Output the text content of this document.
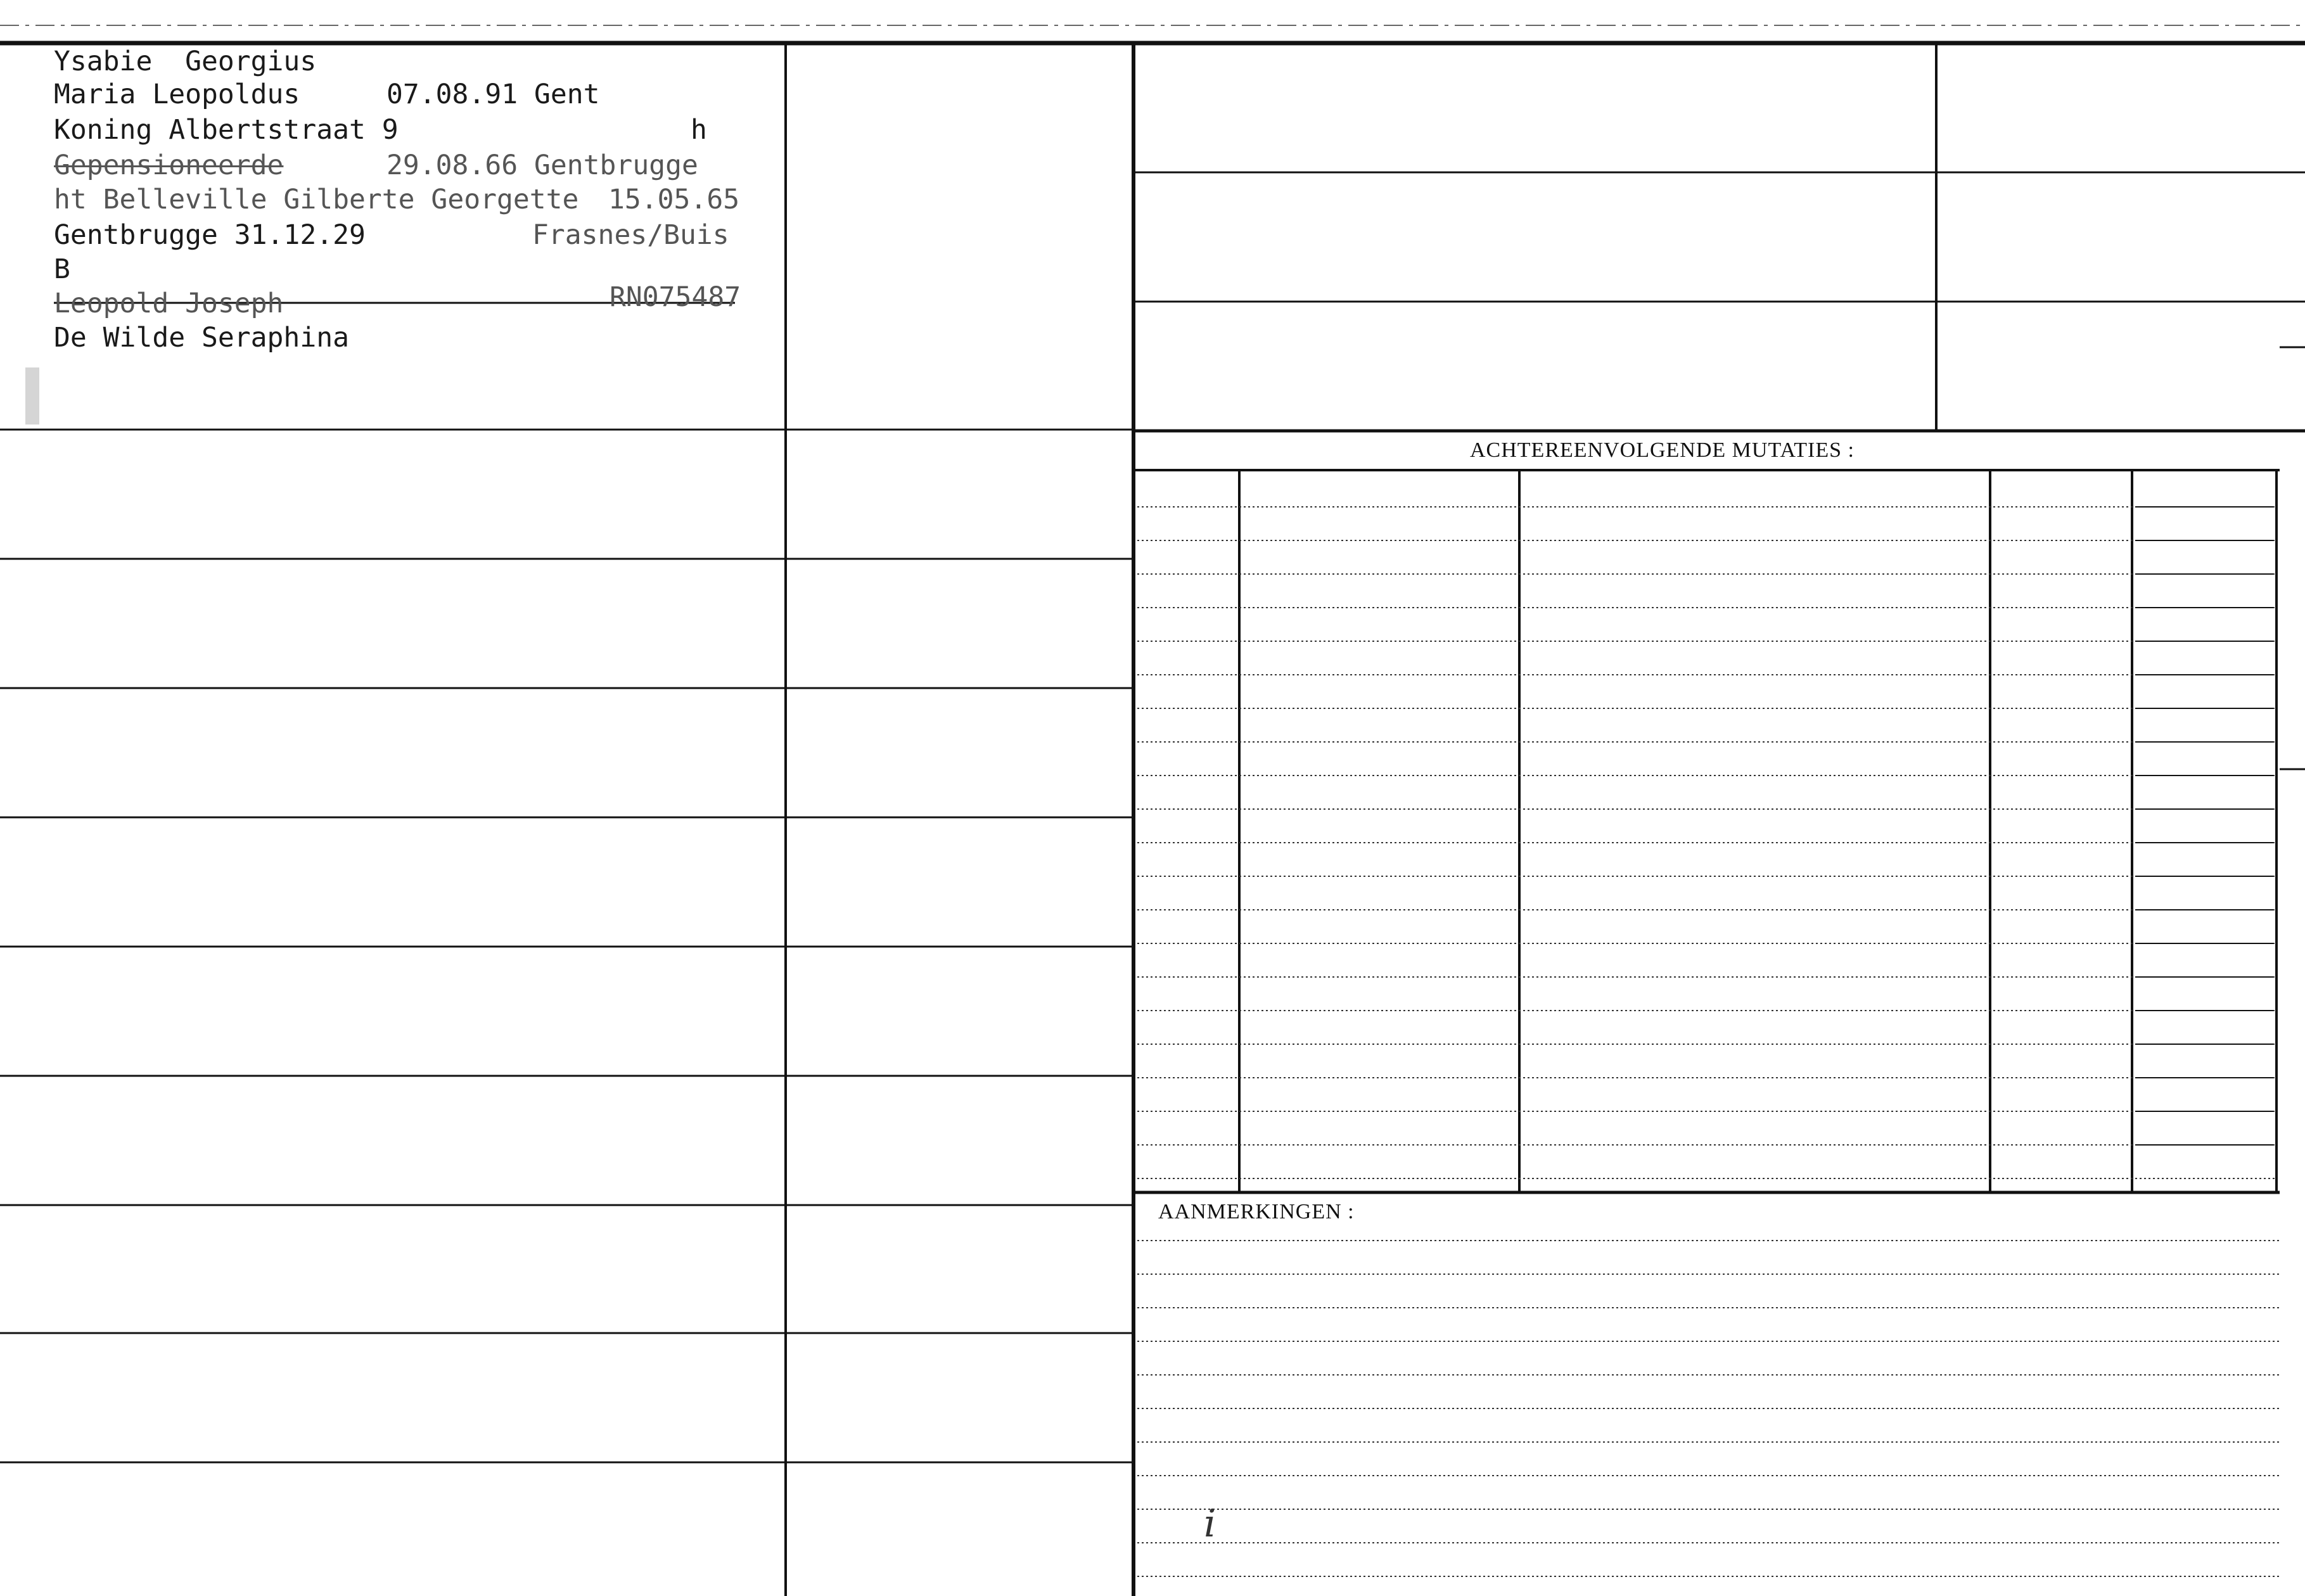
Ysabie  Georgius
Maria Leopoldus	07.08.91 Gent
Koning Albertstraat 9	h
Gepensioneerde	29.08.66 Gentbrugge
ht Belleville Gilberte Georgette 15.05.65
Gentbrugge 31.12.29	Frasnes/Buis
B
Leopold Joseph	RN075487
De Wilde Seraphina
ACHTEREENVOLGENDE MUTATIES :
AANMERKINGEN :
i
